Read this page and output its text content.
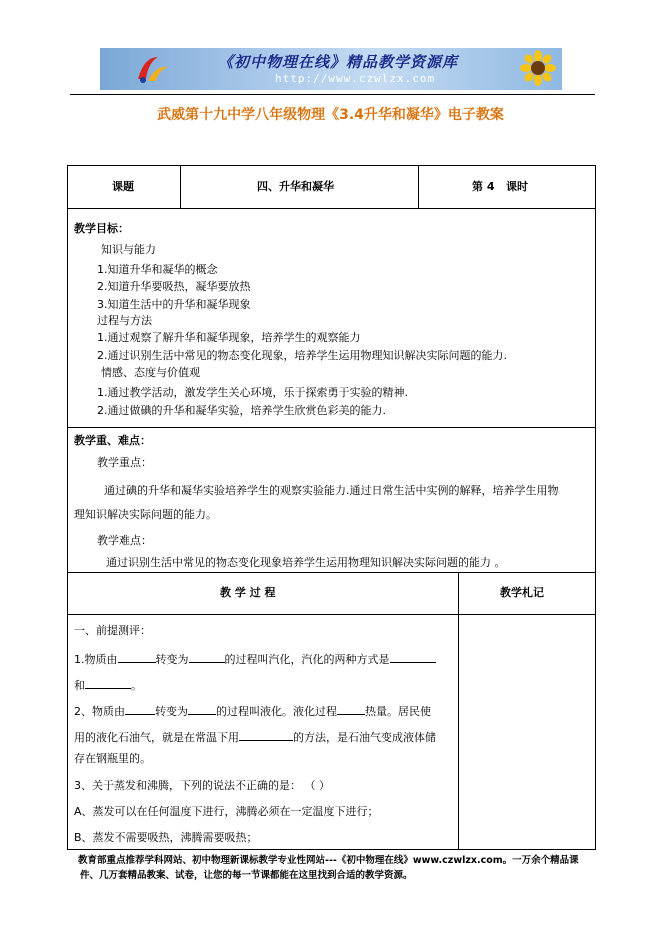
《初中物理在线》精品教学资源库
http://www.czwlzx.com
武威第十九中学八年级物理《3.4升华和凝华》电子教案
课题	四、升华和凝华	第 4 课时
教学目标：
知识与能力
1.知道升华和凝华的概念
2.知道升华要吸热，凝华要放热
3.知道生活中的升华和凝华现象
过程与方法
1.通过观察了解升华和凝华现象，培养学生的观察能力
2.通过识别生活中常见的物态变化现象，培养学生运用物理知识解决实际问题的能力.
情感、态度与价值观
1.通过教学活动，激发学生关心环境，乐于探索勇于实验的精神.
2.通过做碘的升华和凝华实验，培养学生欣赏色彩美的能力.
教学重、难点：
教学重点：
通过碘的升华和凝华实验培养学生的观察实验能力.通过日常生活中实例的解释，培养学生用物
理知识解决实际问题的能力。
教学难点：
通过识别生活中常见的物态变化现象培养学生运用物理知识解决实际问题的能力 。
教 学 过 程	教学札记
一、前提测评：
1.物质由	转变为	的过程叫汽化，汽化的两种方式是
和	。
2、物质由	转变为	的过程叫液化。液化过程	热量。居民使
用的液化石油气，就是在常温下用	的方法，是石油气变成液体储
存在钢瓶里的。
3、关于蒸发和沸腾，下列的说法不正确的是： （ ）
A、蒸发可以在任何温度下进行，沸腾必须在一定温度下进行；
B、蒸发不需要吸热，沸腾需要吸热；
教育部重点推荐学科网站、初中物理新课标教学专业性网站---《初中物理在线》www.czwlzx.com。一万余个精品课
件、几万套精品教案、试卷，让您的每一节课都能在这里找到合适的教学资源。
